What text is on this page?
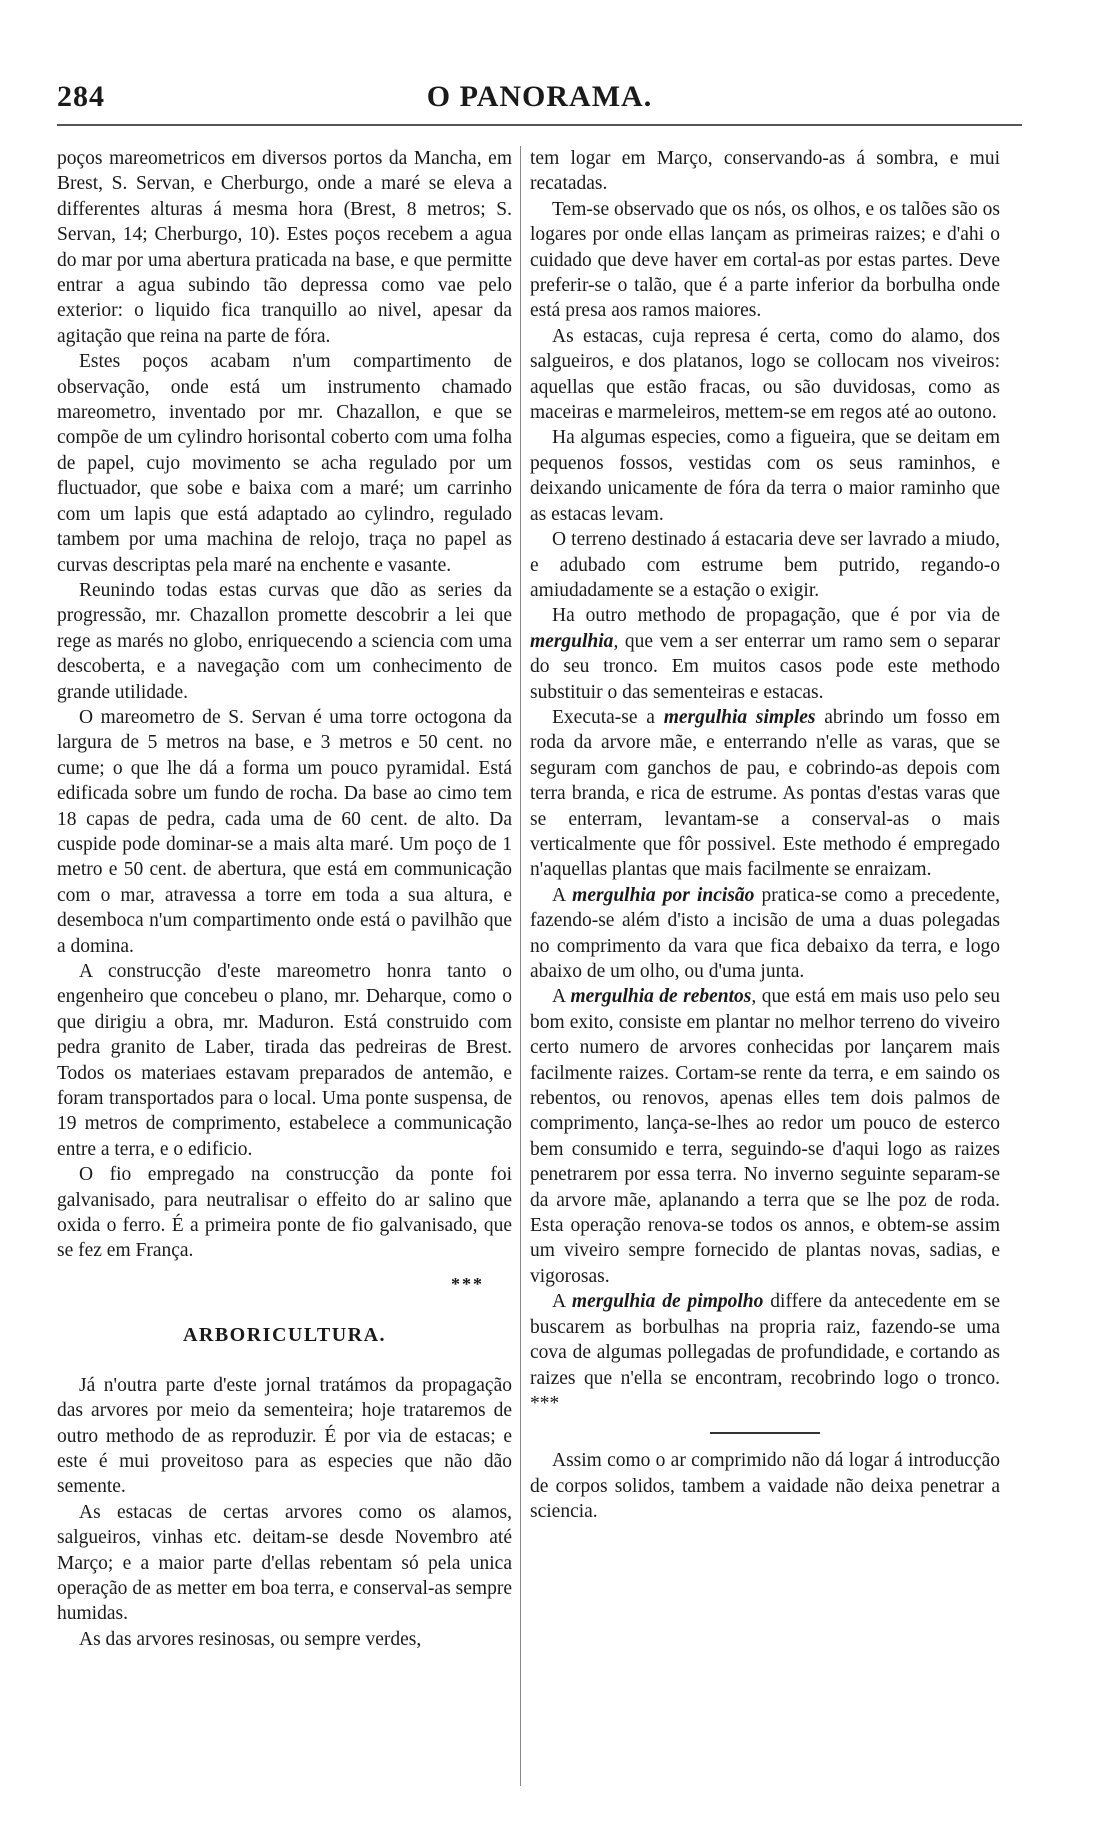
284	O PANORAMA.

poços mareometricos em diversos portos da Mancha, em Brest, S. Servan, e Cherburgo, onde a maré se eleva a differentes alturas á mesma hora (Brest, 8 metros; S. Servan, 14; Cherburgo, 10). Estes poços recebem a agua do mar por uma abertura praticada na base, e que permitte entrar a agua subindo tão depressa como vae pelo exterior: o liquido fica tranquillo ao nivel, apesar da agitação que reina na parte de fóra.

Estes poços acabam n'um compartimento de observação, onde está um instrumento chamado mareometro, inventado por mr. Chazallon, e que se compõe de um cylindro horisontal coberto com uma folha de papel, cujo movimento se acha regulado por um fluctuador, que sobe e baixa com a maré; um carrinho com um lapis que está adaptado ao cylindro, regulado tambem por uma machina de relojo, traça no papel as curvas descriptas pela maré na enchente e vasante.

Reunindo todas estas curvas que dão as series da progressão, mr. Chazallon promette descobrir a lei que rege as marés no globo, enriquecendo a sciencia com uma descoberta, e a navegação com um conhecimento de grande utilidade.

O mareometro de S. Servan é uma torre octogona da largura de 5 metros na base, e 3 metros e 50 cent. no cume; o que lhe dá a forma um pouco pyramidal. Está edificada sobre um fundo de rocha. Da base ao cimo tem 18 capas de pedra, cada uma de 60 cent. de alto. Da cuspide pode dominar-se a mais alta maré. Um poço de 1 metro e 50 cent. de abertura, que está em communicação com o mar, atravessa a torre em toda a sua altura, e desemboca n'um compartimento onde está o pavilhão que a domina.

A construcção d'este mareometro honra tanto o engenheiro que concebeu o plano, mr. Deharque, como o que dirigiu a obra, mr. Maduron. Está construido com pedra granito de Laber, tirada das pedreiras de Brest. Todos os materiaes estavam preparados de antemão, e foram transportados para o local. Uma ponte suspensa, de 19 metros de comprimento, estabelece a communicação entre a terra, e o edificio.

O fio empregado na construcção da ponte foi galvanisado, para neutralisar o effeito do ar salino que oxida o ferro. É a primeira ponte de fio galvanisado, que se fez em França.

***
ARBORICULTURA.

Já n'outra parte d'este jornal tratámos da propagação das arvores por meio da sementeira; hoje trataremos de outro methodo de as reproduzir. É por via de estacas; e este é mui proveitoso para as especies que não dão semente.

As estacas de certas arvores como os alamos, salgueiros, vinhas etc. deitam-se desde Novembro até Março; e a maior parte d'ellas rebentam só pela unica operação de as metter em boa terra, e conserval-as sempre humidas.

As das arvores resinosas, ou sempre verdes,

tem logar em Março, conservando-as á sombra, e mui recatadas.

Tem-se observado que os nós, os olhos, e os talões são os logares por onde ellas lançam as primeiras raizes; e d'ahi o cuidado que deve haver em cortal-as por estas partes. Deve preferir-se o talão, que é a parte inferior da borbulha onde está presa aos ramos maiores.

As estacas, cuja represa é certa, como do alamo, dos salgueiros, e dos platanos, logo se collocam nos viveiros: aquellas que estão fracas, ou são duvidosas, como as maceiras e marmeleiros, mettem-se em regos até ao outono.

Ha algumas especies, como a figueira, que se deitam em pequenos fossos, vestidas com os seus raminhos, e deixando unicamente de fóra da terra o maior raminho que as estacas levam.

O terreno destinado á estacaria deve ser lavrado a miudo, e adubado com estrume bem putrido, regando-o amiudadamente se a estação o exigir.

Ha outro methodo de propagação, que é por via de mergulhia, que vem a ser enterrar um ramo sem o separar do seu tronco. Em muitos casos pode este methodo substituir o das sementeiras e estacas.

Executa-se a mergulhia simples abrindo um fosso em roda da arvore mãe, e enterrando n'elle as varas, que se seguram com ganchos de pau, e cobrindo-as depois com terra branda, e rica de estrume. As pontas d'estas varas que se enterram, levantam-se a conserval-as o mais verticalmente que fôr possivel. Este methodo é empregado n'aquellas plantas que mais facilmente se enraizam.

A mergulhia por incisão pratica-se como a precedente, fazendo-se além d'isto a incisão de uma a duas polegadas no comprimento da vara que fica debaixo da terra, e logo abaixo de um olho, ou d'uma junta.

A mergulhia de rebentos, que está em mais uso pelo seu bom exito, consiste em plantar no melhor terreno do viveiro certo numero de arvores conhecidas por lançarem mais facilmente raizes. Cortam-se rente da terra, e em saindo os rebentos, ou renovos, apenas elles tem dois palmos de comprimento, lança-se-lhes ao redor um pouco de esterco bem consumido e terra, seguindo-se d'aqui logo as raizes penetrarem por essa terra. No inverno seguinte separam-se da arvore mãe, aplanando a terra que se lhe poz de roda. Esta operação renova-se todos os annos, e obtem-se assim um viveiro sempre fornecido de plantas novas, sadias, e vigorosas.

A mergulhia de pimpolho differe da antecedente em se buscarem as borbulhas na propria raiz, fazendo-se uma cova de algumas pollegadas de profundidade, e cortando as raizes que n'ella se encontram, recobrindo logo o tronco. ***

Assim como o ar comprimido não dá logar á introducção de corpos solidos, tambem a vaidade não deixa penetrar a sciencia.
